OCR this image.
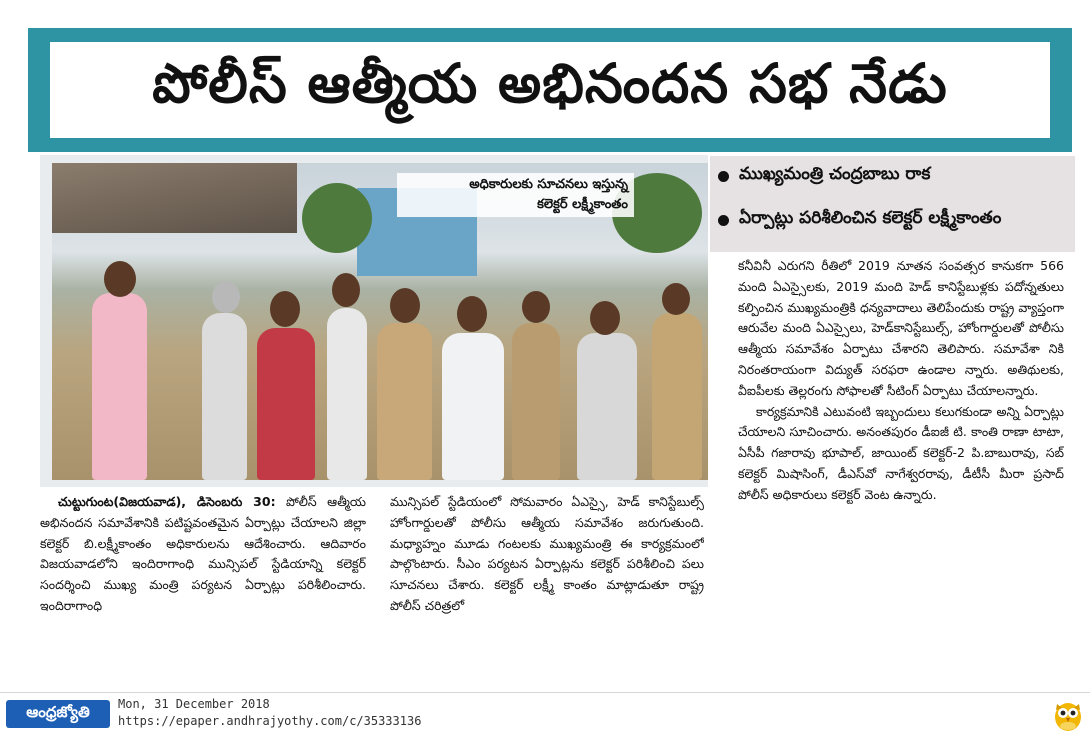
పోలీస్ ఆత్మీయ అభినందన సభ నేడు
అధికారులకు సూచనలు ఇస్తున్న
కలెక్టర్ లక్ష్మీకాంతం
ముఖ్యమంత్రి చంద్రబాబు రాక
ఏర్పాట్లు పరిశీలించిన కలెక్టర్ లక్ష్మీకాంతం

చుట్టుగుంట(విజయవాడ), డిసెంబరు 30: పోలీస్ ఆత్మీయ అభినందన సమావేశానికి పటిష్టవంతమైన ఏర్పాట్లు చేయాలని జిల్లా కలెక్టర్ బి.లక్ష్మీకాంతం అధికారులను ఆదేశించారు. ఆదివారం విజయవాడలోని ఇందిరాగాంధి మున్సిపల్ స్టేడియాన్ని కలెక్టర్ సందర్శించి ముఖ్య మంత్రి పర్యటన ఏర్పాట్లు పరిశీలించారు. ఇందిరాగాంధి

మున్సిపల్ స్టేడియంలో సోమవారం ఏఎస్సై, హెడ్ కానిస్టేబుల్స్ హోంగార్డులతో పోలీసు ఆత్మీయ సమావేశం జరుగుతుంది. మధ్యాహ్నం మూడు గంటలకు ముఖ్యమంత్రి ఈ కార్యక్రమంలో పాల్గొంటారు. సీఎం పర్యటన ఏర్పాట్లను కలెక్టర్ పరిశీలించి పలు సూచనలు చేశారు. కలెక్టర్ లక్ష్మీ కాంతం మాట్లాడుతూ రాష్ట్ర పోలీస్ చరిత్రలో

కనీవినీ ఎరుగని రీతిలో 2019 నూతన సంవత్సర కానుకగా 566 మంది ఏఎస్సైలకు, 2019 మంది హెడ్ కానిస్టేబుళ్లకు పదోన్నతులు కల్పించిన ముఖ్యమంత్రికి ధన్యవాదాలు తెలిపేందుకు రాష్ట్ర వ్యాప్తంగా ఆరువేల మంది ఏఎస్సైలు, హెడ్‌కానిస్టేబుల్స్, హోంగార్డులతో పోలీసు ఆత్మీయ సమావేశం ఏర్పాటు చేశారని తెలిపారు. సమావేశా నికి నిరంతరాయంగా విద్యుత్ సరఫరా ఉండాల న్నారు. అతిథులకు, వీఐపీలకు తెల్లరంగు సోఫాలతో సీటింగ్ ఏర్పాటు చేయాలన్నారు.

కార్యక్రమానికి ఎటువంటి ఇబ్బందులు కలుగకుండా అన్ని ఏర్పాట్లు చేయాలని సూచించారు. అనంతపురం డీఐజీ టి. కాంతి రాణా టాటా, ఏసీపీ గజారావు భూపాల్, జాయింట్ కలెక్టర్-2 పి.బాబురావు, సబ్ కలెక్టర్ మిషాసింగ్, డీఎస్‌వో నాగేశ్వరరావు, డీటీసీ మీరా ప్రసాద్ పోలీస్ అధికారులు కలెక్టర్ వెంట ఉన్నారు.

ఆంధ్రజ్యోతి	Mon, 31 December 2018
https://epaper.andhrajyothy.com/c/35333136
